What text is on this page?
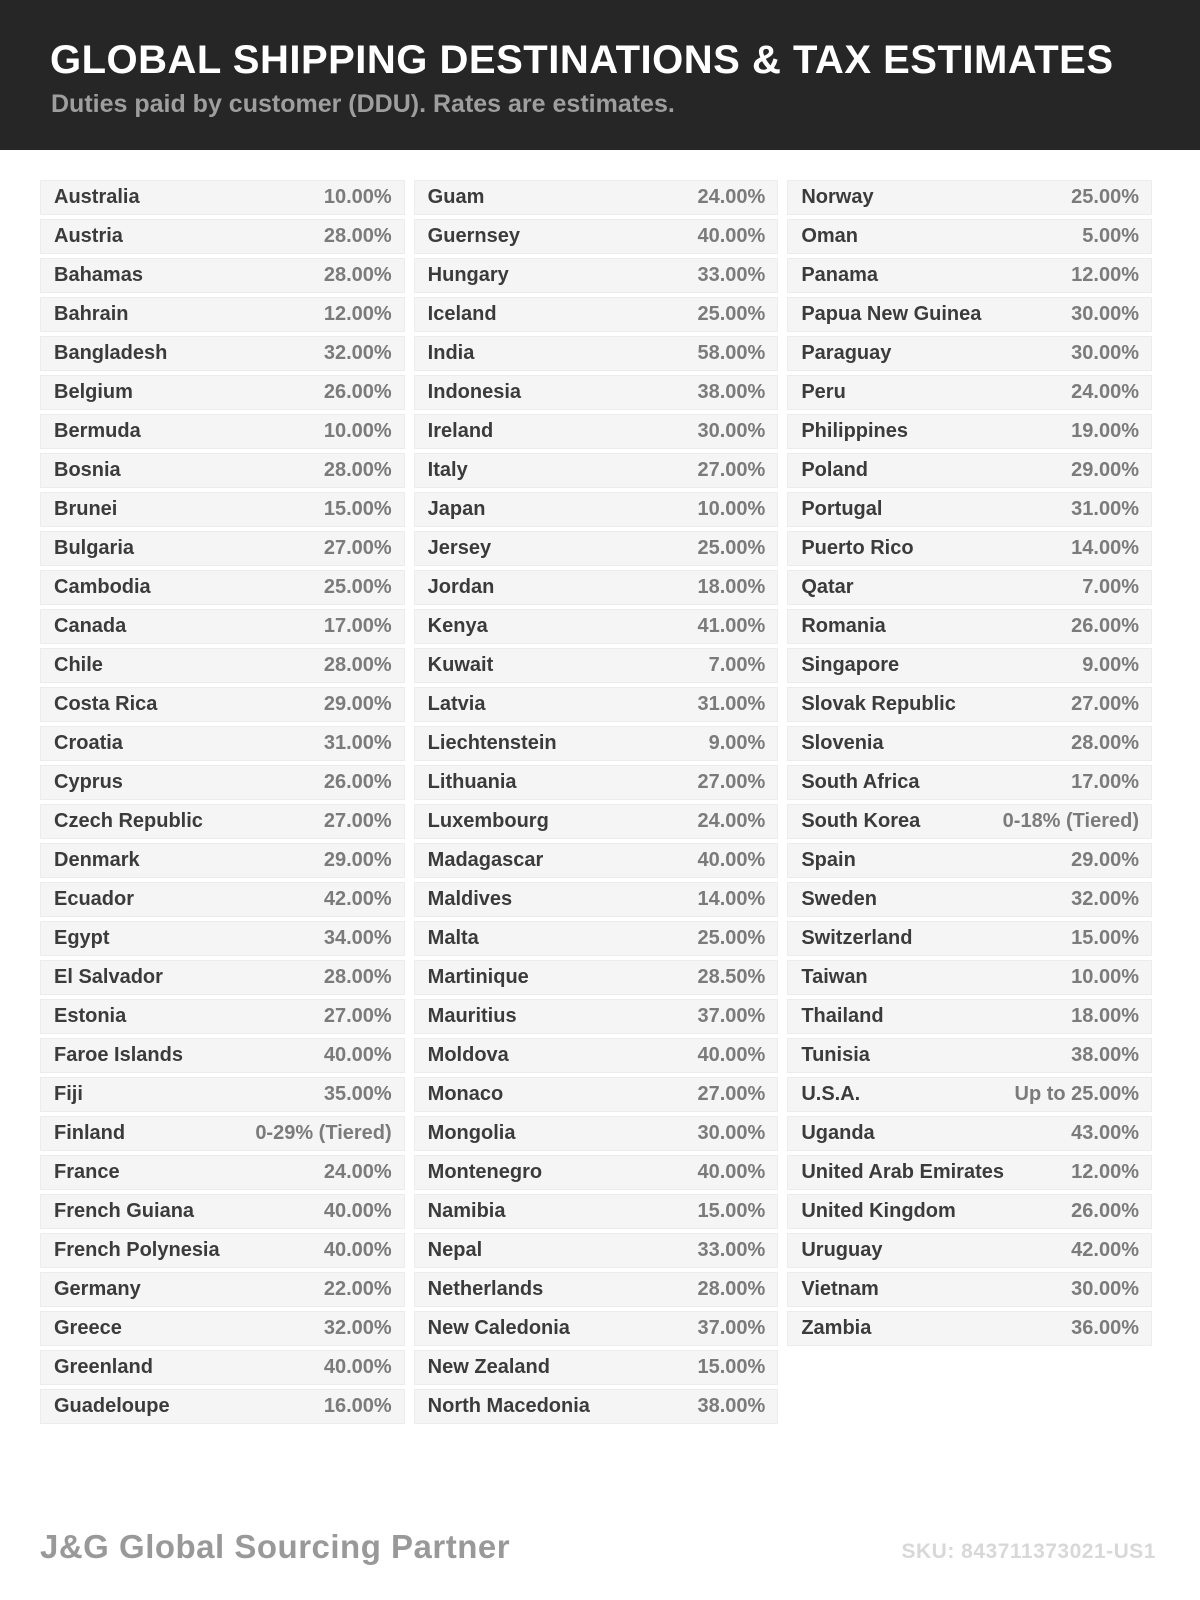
GLOBAL SHIPPING DESTINATIONS & TAX ESTIMATES

Duties paid by customer (DDU). Rates are estimates.

Australia	10.00%
Austria	28.00%
Bahamas	28.00%
Bahrain	12.00%
Bangladesh	32.00%
Belgium	26.00%
Bermuda	10.00%
Bosnia	28.00%
Brunei	15.00%
Bulgaria	27.00%
Cambodia	25.00%
Canada	17.00%
Chile	28.00%
Costa Rica	29.00%
Croatia	31.00%
Cyprus	26.00%
Czech Republic	27.00%
Denmark	29.00%
Ecuador	42.00%
Egypt	34.00%
El Salvador	28.00%
Estonia	27.00%
Faroe Islands	40.00%
Fiji	35.00%
Finland	0-29% (Tiered)
France	24.00%
French Guiana	40.00%
French Polynesia	40.00%
Germany	22.00%
Greece	32.00%
Greenland	40.00%
Guadeloupe	16.00%
Guam	24.00%
Guernsey	40.00%
Hungary	33.00%
Iceland	25.00%
India	58.00%
Indonesia	38.00%
Ireland	30.00%
Italy	27.00%
Japan	10.00%
Jersey	25.00%
Jordan	18.00%
Kenya	41.00%
Kuwait	7.00%
Latvia	31.00%
Liechtenstein	9.00%
Lithuania	27.00%
Luxembourg	24.00%
Madagascar	40.00%
Maldives	14.00%
Malta	25.00%
Martinique	28.50%
Mauritius	37.00%
Moldova	40.00%
Monaco	27.00%
Mongolia	30.00%
Montenegro	40.00%
Namibia	15.00%
Nepal	33.00%
Netherlands	28.00%
New Caledonia	37.00%
New Zealand	15.00%
North Macedonia	38.00%
Norway	25.00%
Oman	5.00%
Panama	12.00%
Papua New Guinea	30.00%
Paraguay	30.00%
Peru	24.00%
Philippines	19.00%
Poland	29.00%
Portugal	31.00%
Puerto Rico	14.00%
Qatar	7.00%
Romania	26.00%
Singapore	9.00%
Slovak Republic	27.00%
Slovenia	28.00%
South Africa	17.00%
South Korea	0-18% (Tiered)
Spain	29.00%
Sweden	32.00%
Switzerland	15.00%
Taiwan	10.00%
Thailand	18.00%
Tunisia	38.00%
U.S.A.	Up to 25.00%
Uganda	43.00%
United Arab Emirates	12.00%
United Kingdom	26.00%
Uruguay	42.00%
Vietnam	30.00%
Zambia	36.00%
J&G Global Sourcing Partner	SKU: 843711373021-US1
